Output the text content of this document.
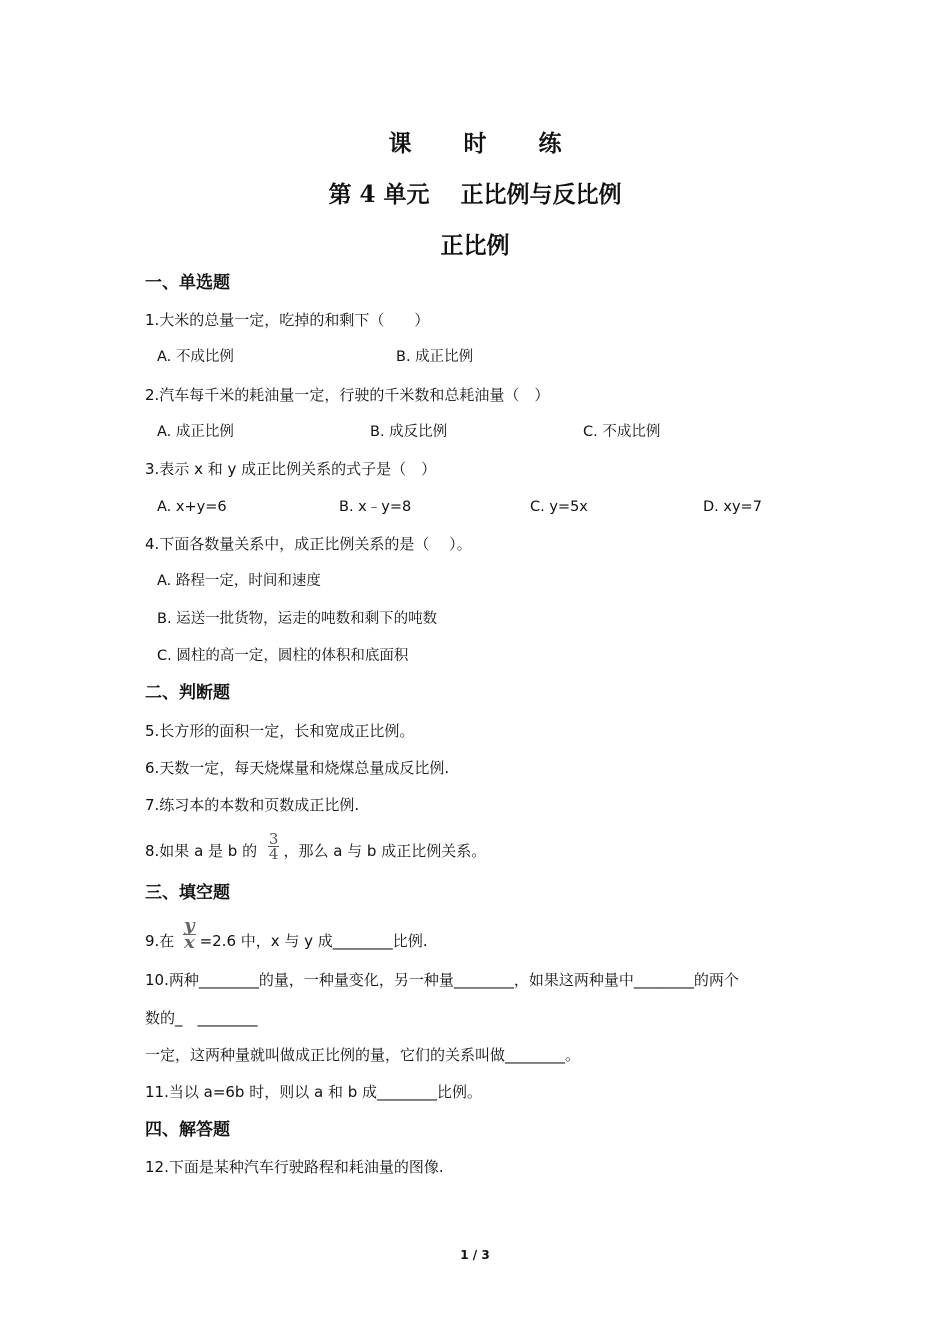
课 时 练
第 4 单元　 正比例与反比例
正比例
一、单选题
1.大米的总量一定，吃掉的和剩下（　　）
A. 不成比例	B. 成正比例
2.汽车每千米的耗油量一定，行驶的千米数和总耗油量（　）
A. 成正比例	B. 成反比例	C. 不成比例
3.表示 x 和 y 成正比例关系的式子是（　）
A. x+y=6	B. x﹣y=8	C. y=5x	D. xy=7
4.下面各数量关系中，成正比例关系的是（　 ）。
A. 路程一定，时间和速度
B. 运送一批货物，运走的吨数和剩下的吨数
C. 圆柱的高一定，圆柱的体积和底面积
二、判断题
5.长方形的面积一定，长和宽成正比例。
6.天数一定，每天烧煤量和烧煤总量成反比例.
7.练习本的本数和页数成正比例.
8.如果 a 是 b 的 $\frac{3}{4}$ ，那么 a 与 b 成正比例关系。
三、填空题
9.在 $\frac{y}{x} =2.6$ 中，x 与 y 成________比例.
10.两种________的量，一种量变化，另一种量________，如果这两种量中________的两个
数的_　________
一定，这两种量就叫做成正比例的量，它们的关系叫做________。
11.当以 a=6b 时，则以 a 和 b 成________比例。
四、解答题
12.下面是某种汽车行驶路程和耗油量的图像.
1 / 3
